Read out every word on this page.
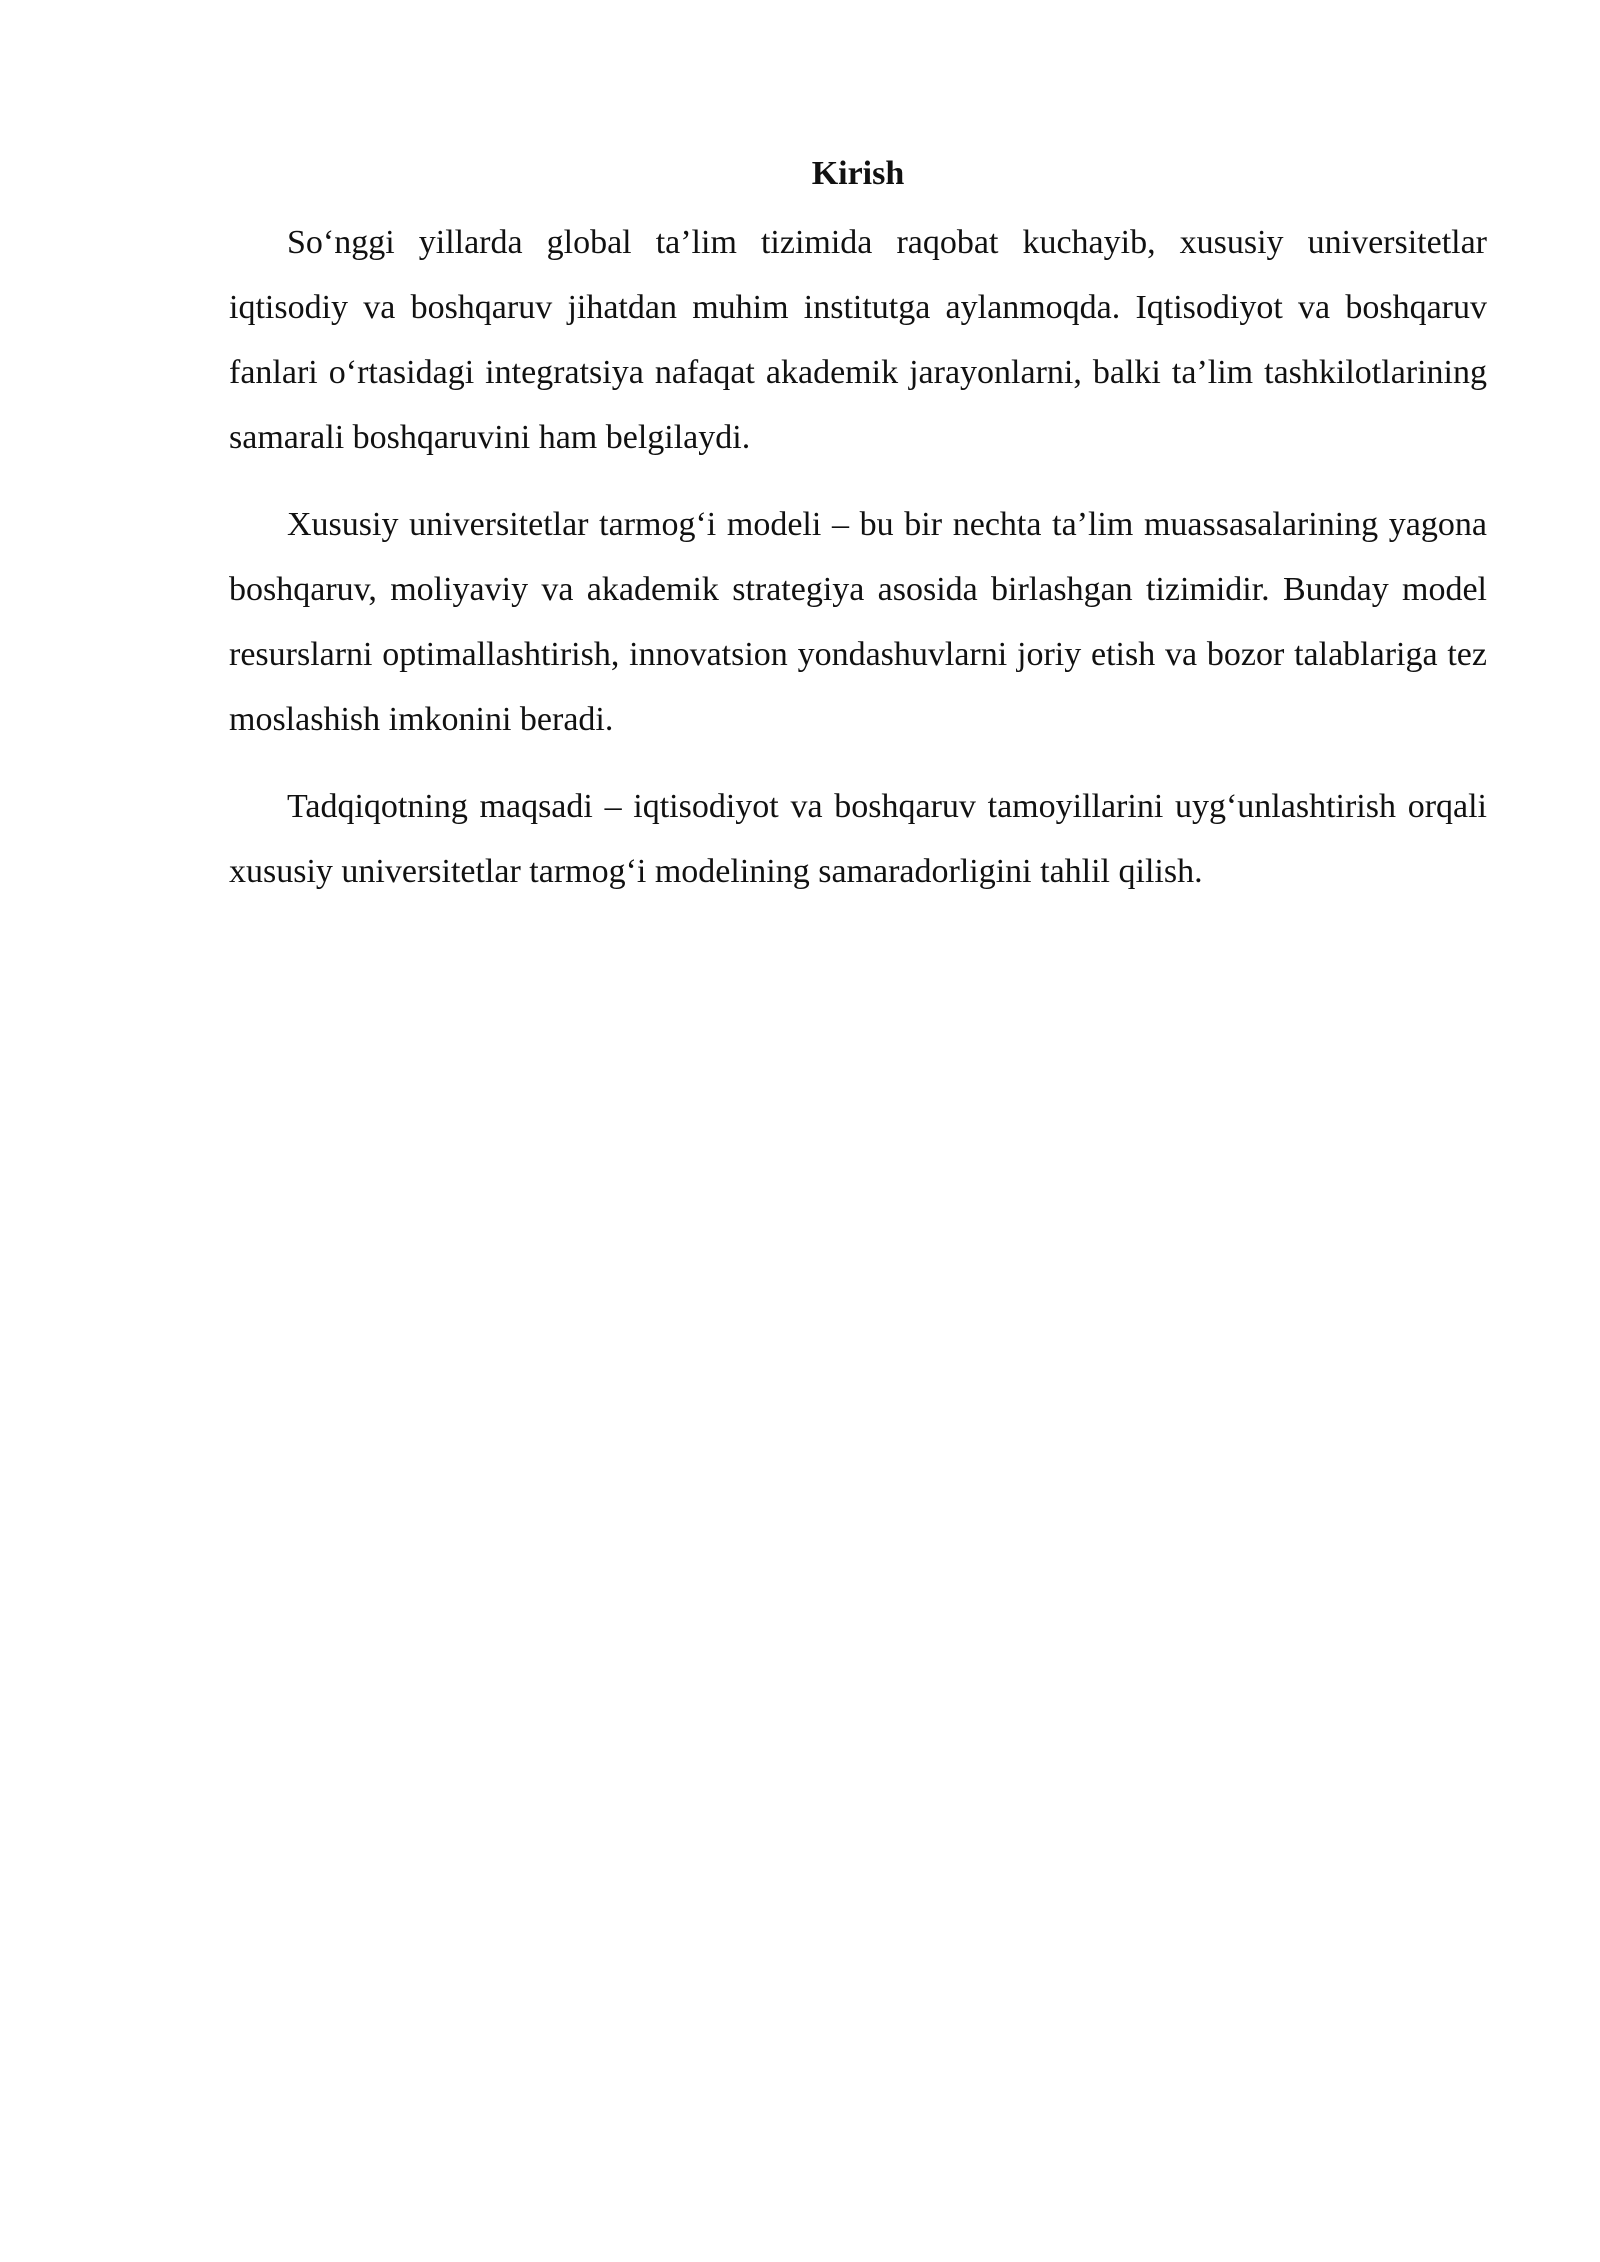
Kirish

So‘nggi yillarda global ta’lim tizimida raqobat kuchayib, xususiy universitetlar iqtisodiy va boshqaruv jihatdan muhim institutga aylanmoqda. Iqtisodiyot va boshqaruv fanlari o‘rtasidagi integratsiya nafaqat akademik jarayonlarni, balki ta’lim tashkilotlarining samarali boshqaruvini ham belgilaydi.

Xususiy universitetlar tarmog‘i modeli – bu bir nechta ta’lim muassasalarining yagona boshqaruv, moliyaviy va akademik strategiya asosida birlashgan tizimidir. Bunday model resurslarni optimallashtirish, innovatsion yondashuvlarni joriy etish va bozor talablariga tez moslashish imkonini beradi.

Tadqiqotning maqsadi – iqtisodiyot va boshqaruv tamoyillarini uyg‘unlashtirish orqali xususiy universitetlar tarmog‘i modelining samaradorligini tahlil qilish.
